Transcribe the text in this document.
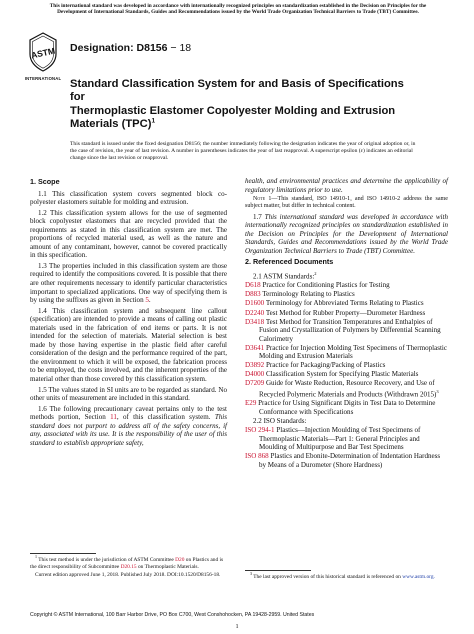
This international standard was developed in accordance with internationally recognized principles on standardization established in the Decision on Principles for the Development of International Standards, Guides and Recommendations issued by the World Trade Organization Technical Barriers to Trade (TBT) Committee.
ASTM
INTERNATIONAL
Designation: D8156 − 18
Standard Classification System for and Basis of Specifications for
Thermoplastic Elastomer Copolyester Molding and Extrusion Materials (TPC)$^1$
This standard is issued under the fixed designation D8156; the number immediately following the designation indicates the year of original adoption or, in the case of revision, the year of last revision. A number in parentheses indicates the year of last reapproval. A superscript epsilon (ε) indicates an editorial change since the last revision or reapproval.
1. Scope

1.1 This classification system covers segmented block co-polyester elastomers suitable for molding and extrusion.

1.2 This classification system allows for the use of segmented block copolyester elastomers that are recycled provided that the requirements as stated in this classification system are met. The proportions of recycled material used, as well as the nature and amount of any contaminant, however, cannot be covered practically in this specification.

1.3 The properties included in this classification system are those required to identify the compositions covered. It is possible that there are other requirements necessary to identify particular characteristics important to specialized applications. One way of specifying them is by using the suffixes as given in Section 5.

1.4 This classification system and subsequent line callout (specification) are intended to provide a means of calling out plastic materials used in the fabrication of end items or parts. It is not intended for the selection of materials. Material selection is best made by those having expertise in the plastic field after careful consideration of the design and the performance required of the part, the environment to which it will be exposed, the fabrication process to be employed, the costs involved, and the inherent properties of the material other than those covered by this classification system.

1.5 The values stated in SI units are to be regarded as standard. No other units of measurement are included in this standard.

1.6 The following precautionary caveat pertains only to the test methods portion, Section 11, of this classification system. This standard does not purport to address all of the safety concerns, if any, associated with its use. It is the responsibility of the user of this standard to establish appropriate safety,

$^1$ This test method is under the jurisdiction of ASTM Committee D20 on Plastics and is the direct responsibility of Subcommittee D20.15 on Thermoplastic Materials.

Current edition approved June 1, 2018. Published July 2018. DOI:10.1520/D8156-18.

health, and environmental practices and determine the applicability of regulatory limitations prior to use.

Note 1—This standard, ISO 14910-1, and ISO 14910-2 address the same subject matter, but differ in technical content.

1.7 This international standard was developed in accordance with internationally recognized principles on standardization established in the Decision on Principles for the Development of International Standards, Guides and Recommendations issued by the World Trade Organization Technical Barriers to Trade (TBT) Committee.

2. Referenced Documents
2.1 ASTM Standards:$^2$
D618 Practice for Conditioning Plastics for Testing
D883 Terminology Relating to Plastics
D1600 Terminology for Abbreviated Terms Relating to Plastics
D2240 Test Method for Rubber Property—Durometer Hardness
D3418 Test Method for Transition Temperatures and Enthalpies of Fusion and Crystallization of Polymers by Differential Scanning Calorimetry
D3641 Practice for Injection Molding Test Specimens of Thermoplastic Molding and Extrusion Materials
D3892 Practice for Packaging/Packing of Plastics
D4000 Classification System for Specifying Plastic Materials
D7209 Guide for Waste Reduction, Resource Recovery, and Use of Recycled Polymeric Materials and Products (Withdrawn 2015)$^3$
E29 Practice for Using Significant Digits in Test Data to Determine Conformance with Specifications
2.2 ISO Standards:
ISO 294-1 Plastics—Injection Moulding of Test Specimens of Thermoplastic Materials—Part 1: General Principles and Moulding of Multipurpose and Bar Test Specimens
ISO 868 Plastics and Ebonite-Determination of Indentation Hardness by Means of a Durometer (Shore Hardness)

$^3$ The last approved version of this historical standard is referenced on www.astm.org.

Copyright © ASTM International, 100 Barr Harbor Drive, PO Box C700, West Conshohocken, PA 19428-2959. United States
1
